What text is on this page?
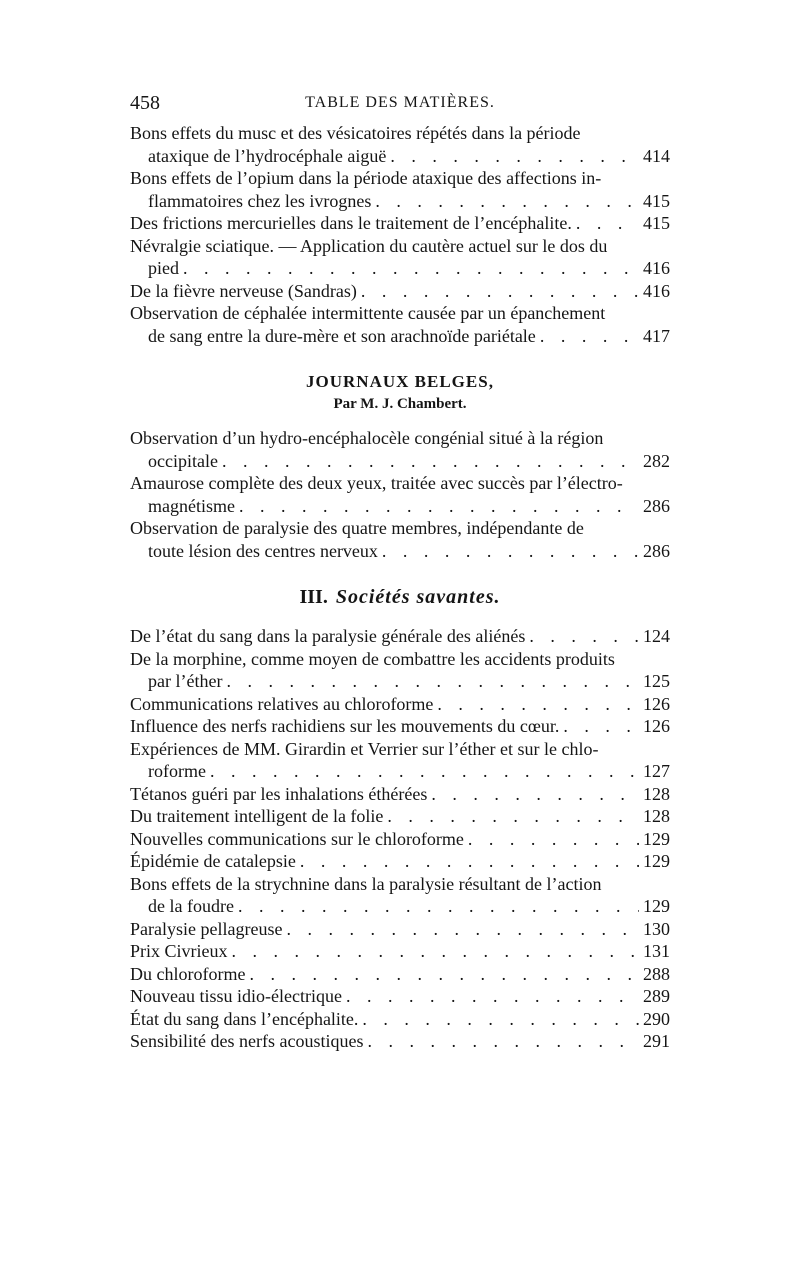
458	TABLE DES MATIÈRES.
Bons effets du musc et des vésicatoires répétés dans la période
ataxique de l’hydrocéphale aiguë . . .	414
Bons effets de l’opium dans la période ataxique des affections in-
flammatoires chez les ivrognes . . .	415
Des frictions mercurielles dans le traitement de l’encéphalite. . . .	415
Névralgie sciatique. — Application du cautère actuel sur le dos du
pied . . .	416
De la fièvre nerveuse (Sandras) . . .	416
Observation de céphalée intermittente causée par un épanchement
de sang entre la dure-mère et son arachnoïde pariétale . . .	417
JOURNAUX BELGES,
Par M. J. Chambert.
Observation d’un hydro-encéphalocèle congénial situé à la région
occipitale . . .	282
Amaurose complète des deux yeux, traitée avec succès par l’électro-
magnétisme . . .	286
Observation de paralysie des quatre membres, indépendante de
toute lésion des centres nerveux . . .	286
III. Sociétés savantes.
De l’état du sang dans la paralysie générale des aliénés . . .	124
De la morphine, comme moyen de combattre les accidents produits
par l’éther . . .	125
Communications relatives au chloroforme . . .	126
Influence des nerfs rachidiens sur les mouvements du cœur. . . .	126
Expériences de MM. Girardin et Verrier sur l’éther et sur le chlo-
roforme . . .	127
Tétanos guéri par les inhalations éthérées . . .	128
Du traitement intelligent de la folie . . .	128
Nouvelles communications sur le chloroforme . . .	129
Épidémie de catalepsie . . .	129
Bons effets de la strychnine dans la paralysie résultant de l’action
de la foudre . . .	129
Paralysie pellagreuse . . .	130
Prix Civrieux . . .	131
Du chloroforme . . .	288
Nouveau tissu idio-électrique . . .	289
État du sang dans l’encéphalite. . . .	290
Sensibilité des nerfs acoustiques . . .	291
